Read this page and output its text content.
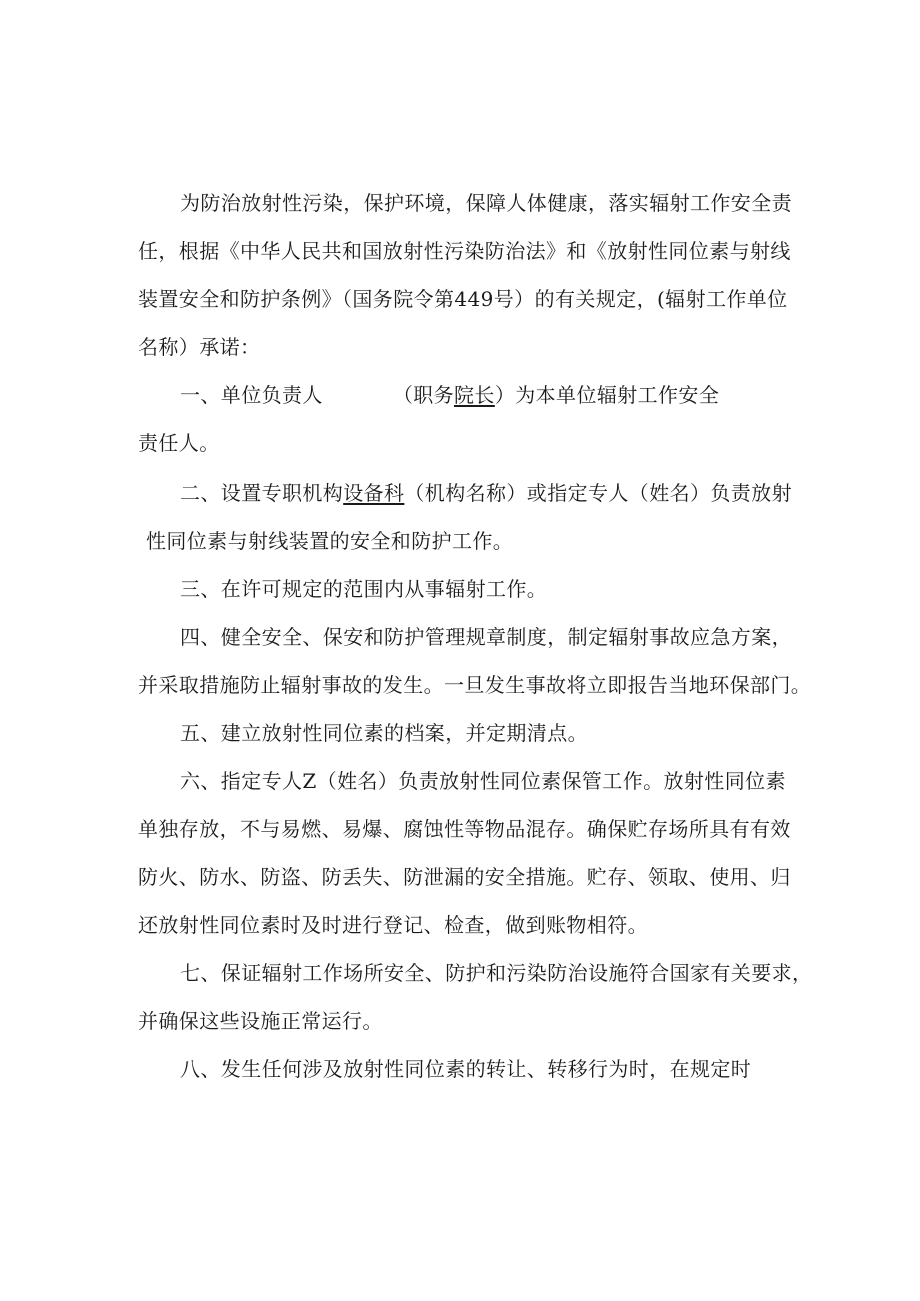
为防治放射性污染，保护环境，保障人体健康，落实辐射工作安全责
任，根据《中华人民共和国放射性污染防治法》和《放射性同位素与射线
装置安全和防护条例》（国务院令第449号）的有关规定，(辐射工作单位
名称）承诺：
一、单位负责人	（职务院长）为本单位辐射工作安全
责任人。
二、设置专职机构设备科（机构名称）或指定专人（姓名）负责放射
性同位素与射线装置的安全和防护工作。
三、在许可规定的范围内从事辐射工作。
四、健全安全、保安和防护管理规章制度，制定辐射事故应急方案，
并采取措施防止辐射事故的发生。一旦发生事故将立即报告当地环保部门。
五、建立放射性同位素的档案，并定期清点。
六、指定专人Z（姓名）负责放射性同位素保管工作。放射性同位素
单独存放，不与易燃、易爆、腐蚀性等物品混存。确保贮存场所具有有效
防火、防水、防盗、防丢失、防泄漏的安全措施。贮存、领取、使用、归
还放射性同位素时及时进行登记、检查，做到账物相符。
七、保证辐射工作场所安全、防护和污染防治设施符合国家有关要求，
并确保这些设施正常运行。
八、发生任何涉及放射性同位素的转让、转移行为时，在规定时
